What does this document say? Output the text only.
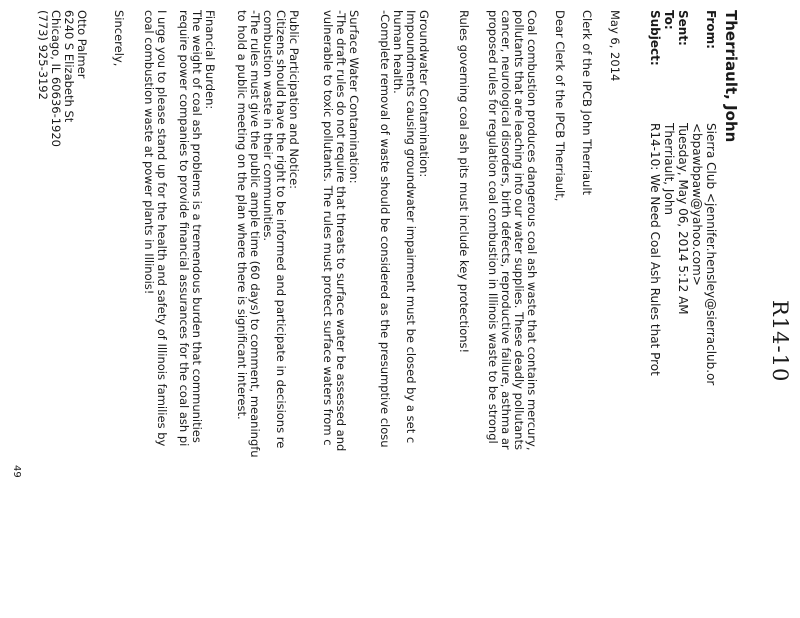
R14-10
Therriault, John
From:
Sierra Club <jennifer.hensley@sierraclub.or
<bpawbpaw@yahoo.com>
Sent:
Tuesday, May 06, 2014 5:12 AM
To:
Therriault, John
Subject:
R14-10: We Need Coal Ash Rules that Prot
May 6, 2014
Clerk of the IPCB John Therriault
Dear Clerk of the IPCB Therriault,
Coal combustion produces dangerous coal ash waste that contains mercury,
pollutants that are leaching into our water supplies. These deadly pollutants
cancer, neurological disorders, birth defects, reproductive failure, asthma ar
proposed rules for regulation coal combustion in Illinois waste to be strongl
Rules governing coal ash pits must include key protections!
Groundwater Contamination:
Impoundments causing groundwater impairment must be closed by a set c
human health.
-Complete removal of waste should be considered as the presumptive closu
Surface Water Contamination:
-The draft rules do not require that threats to surface water be assessed and
vulnerable to toxic pollutants. The rules must protect surface waters from c
Public Participation and Notice:
Citizens should have the right to be informed and participate in decisions re
combustion waste in their communities.
-The rules must give the public ample time (60 days) to comment, meaningfu
to hold a public meeting on the plan where there is significant interest.
Financial Burden:
The weight of coal ash problems is a tremendous burden that communities
require power companies to provide financial assurances for the coal ash pi
I urge you to please stand up for the health and safety of Illinois families by
coal combustion waste at power plants in Illinois!
Sincerely,
Otto Palmer
6240 S Elizabeth St
Chicago, IL 60636-1920
(773) 925-3192
49
